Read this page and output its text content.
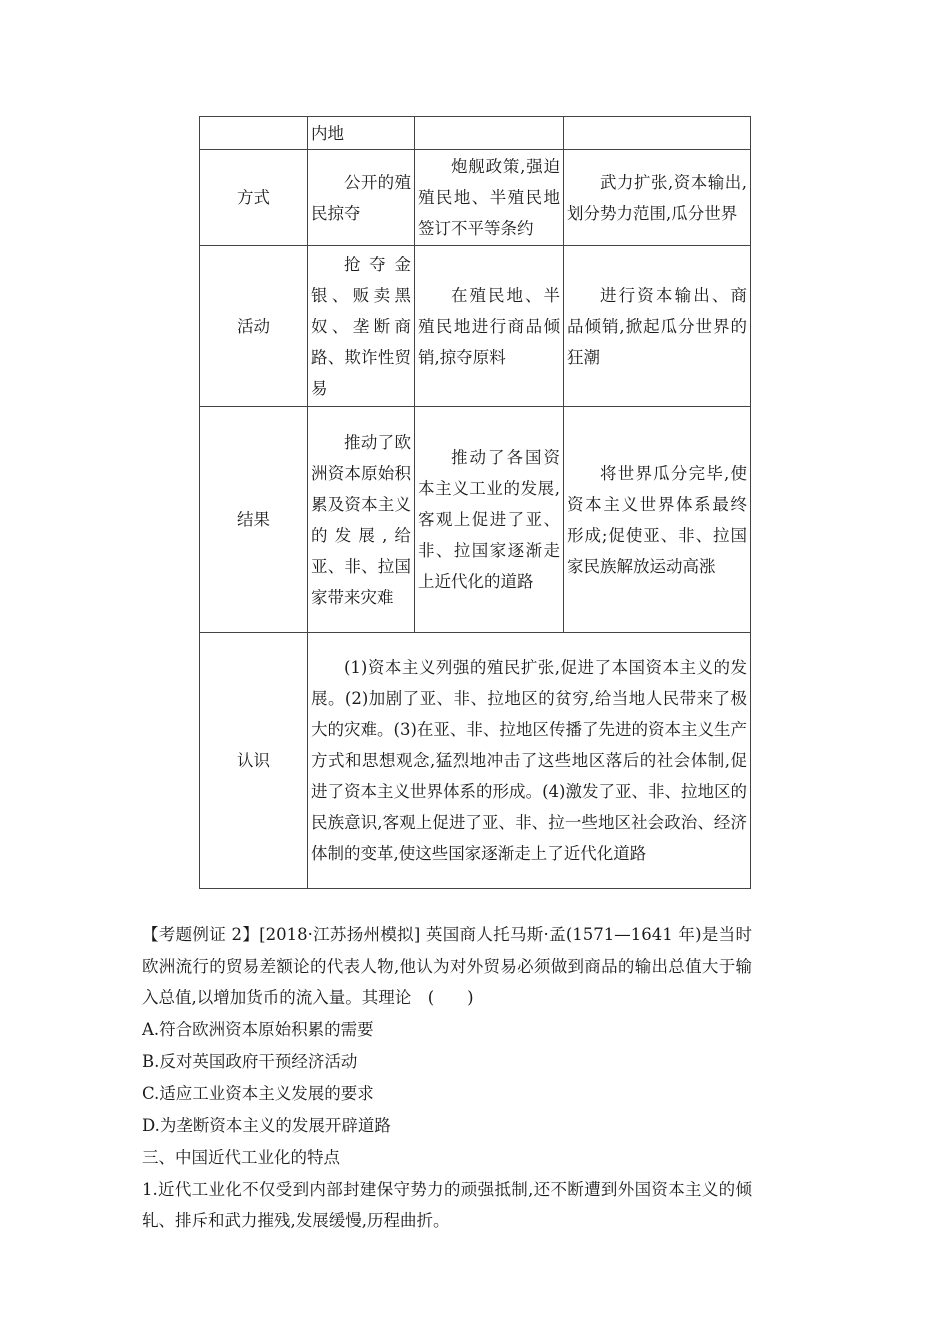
	内地		
方式	公开的殖民掠夺	炮舰政策,强迫殖民地、半殖民地签订不平等条约	武力扩张,资本输出,划分势力范围,瓜分世界
活动	抢夺金银、贩卖黑奴、垄断商路、欺诈性贸易	在殖民地、半殖民地进行商品倾销,掠夺原料	进行资本输出、商品倾销,掀起瓜分世界的狂潮
结果	推动了欧洲资本原始积累及资本主义的发展,给亚、非、拉国家带来灾难	推动了各国资本主义工业的发展,客观上促进了亚、非、拉国家逐渐走上近代化的道路	将世界瓜分完毕,使资本主义世界体系最终形成;促使亚、非、拉国家民族解放运动高涨
认识	(1)资本主义列强的殖民扩张,促进了本国资本主义的发展。(2)加剧了亚、非、拉地区的贫穷,给当地人民带来了极大的灾难。(3)在亚、非、拉地区传播了先进的资本主义生产方式和思想观念,猛烈地冲击了这些地区落后的社会体制,促进了资本主义世界体系的形成。(4)激发了亚、非、拉地区的民族意识,客观上促进了亚、非、拉一些地区社会政治、经济体制的变革,使这些国家逐渐走上了近代化道路		

【考题例证 2】[2018·江苏扬州模拟] 英国商人托马斯·孟(1571—1641 年)是当时欧洲流行的贸易差额论的代表人物,他认为对外贸易必须做到商品的输出总值大于输入总值,以增加货币的流入量。其理论　(　　)

A.符合欧洲资本原始积累的需要

B.反对英国政府干预经济活动

C.适应工业资本主义发展的要求

D.为垄断资本主义的发展开辟道路

三、中国近代工业化的特点

1.近代工业化不仅受到内部封建保守势力的顽强抵制,还不断遭到外国资本主义的倾轧、排斥和武力摧残,发展缓慢,历程曲折。
